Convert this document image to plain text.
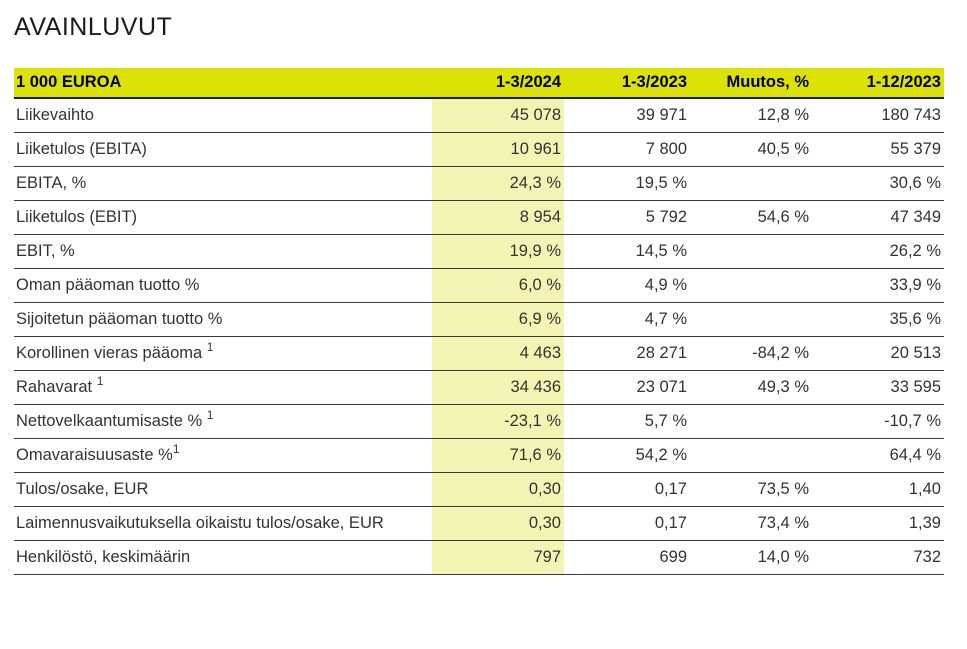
AVAINLUVUT
1 000 EUROA	1-3/2024	1-3/2023	Muutos, %	1-12/2023
Liikevaihto	45 078	39 971	12,8 %	180 743
Liiketulos (EBITA)	10 961	7 800	40,5 %	55 379
EBITA, %	24,3 %	19,5 %		30,6 %
Liiketulos (EBIT)	8 954	5 792	54,6 %	47 349
EBIT, %	19,9 %	14,5 %		26,2 %
Oman pääoman tuotto %	6,0 %	4,9 %		33,9 %
Sijoitetun pääoman tuotto %	6,9 %	4,7 %		35,6 %
Korollinen vieras pääoma $^1$	4 463	28 271	-84,2 %	20 513
Rahavarat $^1$	34 436	23 071	49,3 %	33 595
Nettovelkaantumisaste % $^1$	-23,1 %	5,7 %		-10,7 %
Omavaraisuusaste %$^1$	71,6 %	54,2 %		64,4 %
Tulos/osake, EUR	0,30	0,17	73,5 %	1,40
Laimennusvaikutuksella oikaistu tulos/osake, EUR	0,30	0,17	73,4 %	1,39
Henkilöstö, keskimäärin	797	699	14,0 %	732
